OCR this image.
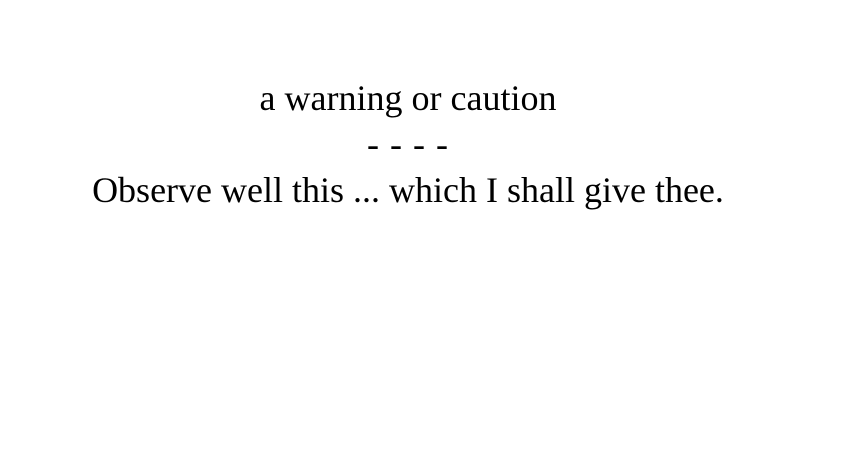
a warning or caution
- - - -
Observe well this ... which I shall give thee.
